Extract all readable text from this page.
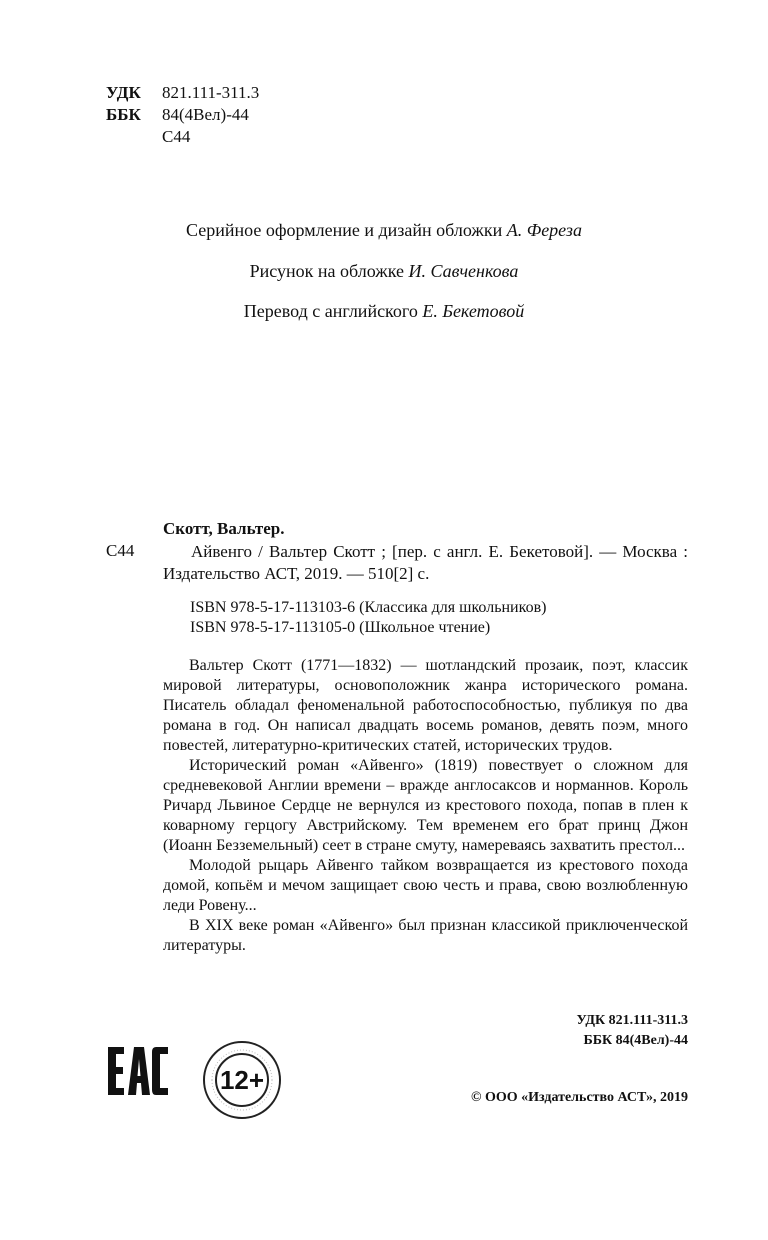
УДК	821.111-311.3
ББК	84(4Вел)-44
С44
Серийное оформление и дизайн обложки А. Фереза
Рисунок на обложке И. Савченкова
Перевод с английского Е. Бекетовой
Скотт, Вальтер.
С44	Айвенго / Вальтер Скотт ; [пер. с англ. Е. Бекетовой]. — Москва : Издательство АСТ, 2019. — 510[2] с.
ISBN 978-5-17-113103-6 (Классика для школьников)
ISBN 978-5-17-113105-0 (Школьное чтение)

Вальтер Скотт (1771—1832) — шотландский прозаик, поэт, классик мировой литературы, основоположник жанра исторического романа. Писатель обладал феноменальной работоспособностью, публикуя по два романа в год. Он написал двадцать восемь романов, девять поэм, много повестей, литературно-критических статей, исторических трудов.

Исторический роман «Айвенго» (1819) повествует о сложном для средневековой Англии времени – вражде англосаксов и норманнов. Король Ричард Львиное Сердце не вернулся из крестового похода, попав в плен к коварному герцогу Австрийскому. Тем временем его брат принц Джон (Иоанн Безземельный) сеет в стране смуту, намереваясь захватить престол...

Молодой рыцарь Айвенго тайком возвращается из крестового похода домой, копьём и мечом защищает свою честь и права, свою возлюбленную леди Ровену...

В XIX веке роман «Айвенго» был признан классикой приключенческой литературы.

УДК 821.111-311.3
ББК 84(4Вел)-44
12+
© ООО «Издательство АСТ», 2019
